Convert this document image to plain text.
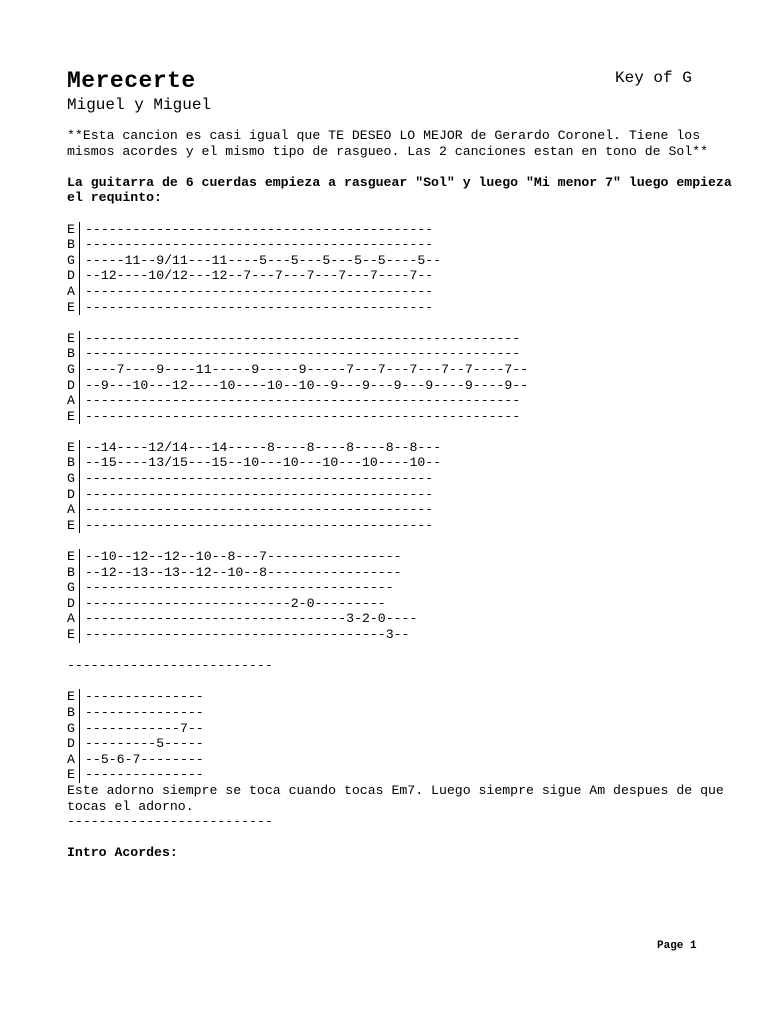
Merecerte
Miguel y Miguel
Key of G

**Esta cancion es casi igual que TE DESEO LO MEJOR de Gerardo Coronel. Tiene los mismos acordes y el mismo tipo de rasgueo. Las 2 canciones estan en tono de Sol**

La guitarra de 6 cuerdas empieza a rasguear "Sol" y luego "Mi menor 7" luego empieza el requinto:

E --------------------------------------------
B --------------------------------------------
G -----11--9/11---11----5---5---5---5--5----5--
D --12----10/12---12--7---7---7---7---7----7--
A --------------------------------------------
E --------------------------------------------
E -------------------------------------------------------
B -------------------------------------------------------
G ----7----9----11-----9-----9-----7---7---7---7--7----7--
D --9---10---12----10----10--10--9---9---9---9----9----9--
A -------------------------------------------------------
E -------------------------------------------------------
E --14----12/14---14-----8----8----8----8--8---
B --15----13/15---15--10---10---10---10----10--
G --------------------------------------------
D --------------------------------------------
A --------------------------------------------
E --------------------------------------------
E --10--12--12--10--8---7-----------------
B --12--13--13--12--10--8-----------------
G ---------------------------------------
D --------------------------2-0---------
A ---------------------------------3-2-0----
E --------------------------------------3--
--------------------------
E ---------------
B ---------------
G ------------7--
D ---------5-----
A --5-6-7--------
E ---------------

Este adorno siempre se toca cuando tocas Em7. Luego siempre sigue Am despues de que tocas el adorno.

--------------------------

Intro Acordes:

Page 1
